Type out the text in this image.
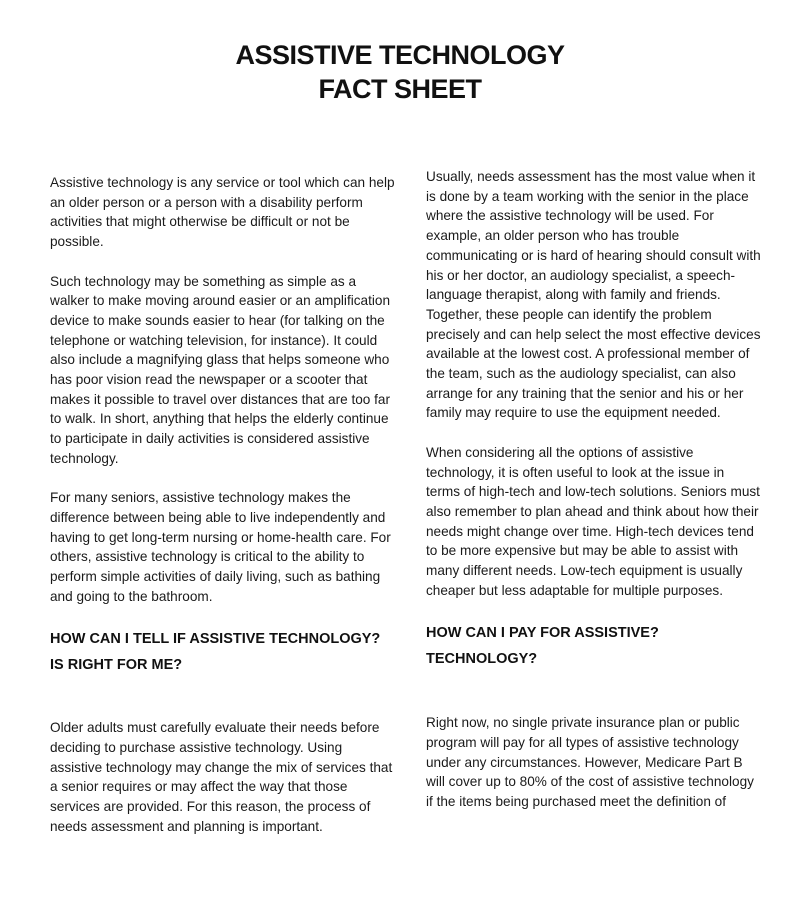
ASSISTIVE TECHNOLOGY
FACT SHEET

Assistive technology is any service or tool which can help an older person or a person with a disability perform activities that might otherwise be difficult or not be possible.

Such technology may be something as simple as a walker to make moving around easier or an amplification device to make sounds easier to hear (for talking on the telephone or watching television, for instance). It could also include a magnifying glass that helps someone who has poor vision read the newspaper or a scooter that makes it possible to travel over distances that are too far to walk. In short, anything that helps the elderly continue to participate in daily activities is considered assistive technology.

For many seniors, assistive technology makes the difference between being able to live independently and having to get long-term nursing or home-health care. For others, assistive technology is critical to the ability to perform simple activities of daily living, such as bathing and going to the bathroom.

HOW CAN I TELL IF ASSISTIVE TECHNOLOGY? IS RIGHT FOR ME?

Older adults must carefully evaluate their needs before deciding to purchase assistive technology. Using assistive technology may change the mix of services that a senior requires or may affect the way that those services are provided. For this reason, the process of needs assessment and planning is important.

Usually, needs assessment has the most value when it is done by a team working with the senior in the place where the assistive technology will be used. For example, an older person who has trouble communicating or is hard of hearing should consult with his or her doctor, an audiology specialist, a speech-language therapist, along with family and friends. Together, these people can identify the problem precisely and can help select the most effective devices available at the lowest cost. A professional member of the team, such as the audiology specialist, can also arrange for any training that the senior and his or her family may require to use the equipment needed.

When considering all the options of assistive technology, it is often useful to look at the issue in terms of high-tech and low-tech solutions. Seniors must also remember to plan ahead and think about how their needs might change over time. High-tech devices tend to be more expensive but may be able to assist with many different needs. Low-tech equipment is usually cheaper but less adaptable for multiple purposes.

HOW CAN I PAY FOR ASSISTIVE? TECHNOLOGY?

Right now, no single private insurance plan or public program will pay for all types of assistive technology under any circumstances. However, Medicare Part B will cover up to 80% of the cost of assistive technology if the items being purchased meet the definition of
